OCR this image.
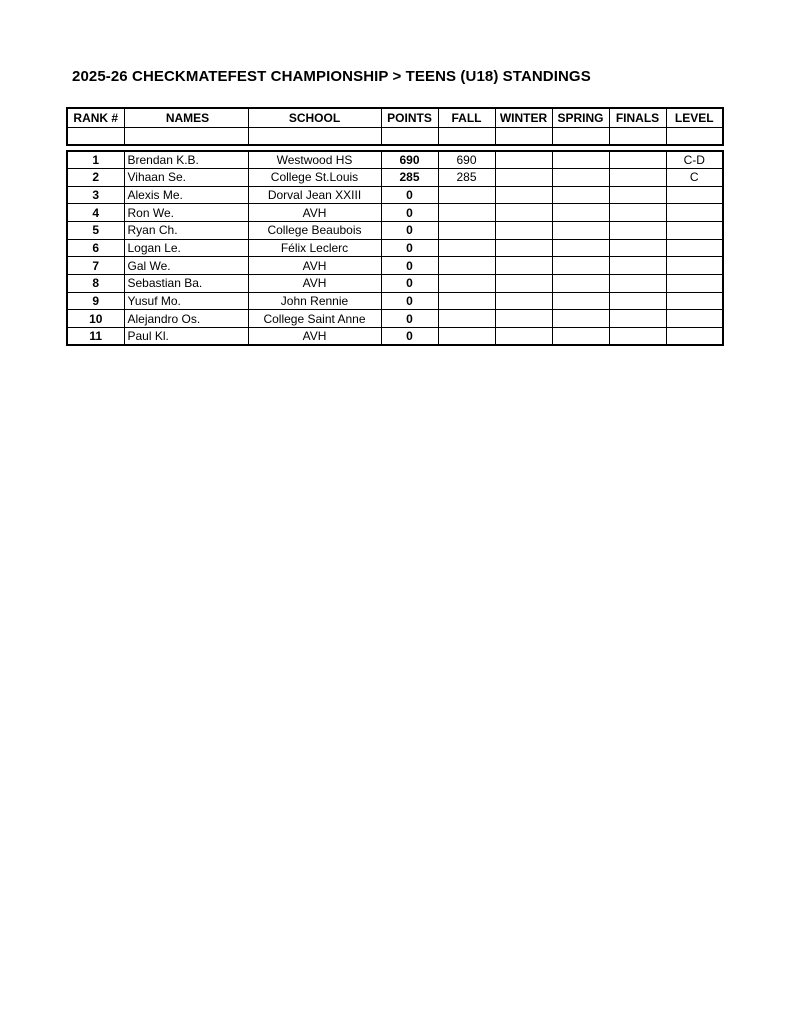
2025-26 CHECKMATEFEST CHAMPIONSHIP > TEENS (U18) STANDINGS
RANK #	NAMES	SCHOOL	POINTS	FALL	WINTER	SPRING	FINALS	LEVEL

1	Brendan K.B.	Westwood HS	690	690				C-D
2	Vihaan Se.	College St.Louis	285	285				C
3	Alexis Me.	Dorval Jean XXIII	0					
4	Ron We.	AVH	0					
5	Ryan Ch.	College Beaubois	0					
6	Logan Le.	Félix Leclerc	0					
7	Gal We.	AVH	0					
8	Sebastian Ba.	AVH	0					
9	Yusuf Mo.	John Rennie	0					
10	Alejandro Os.	College Saint Anne	0					
11	Paul Kl.	AVH	0					
